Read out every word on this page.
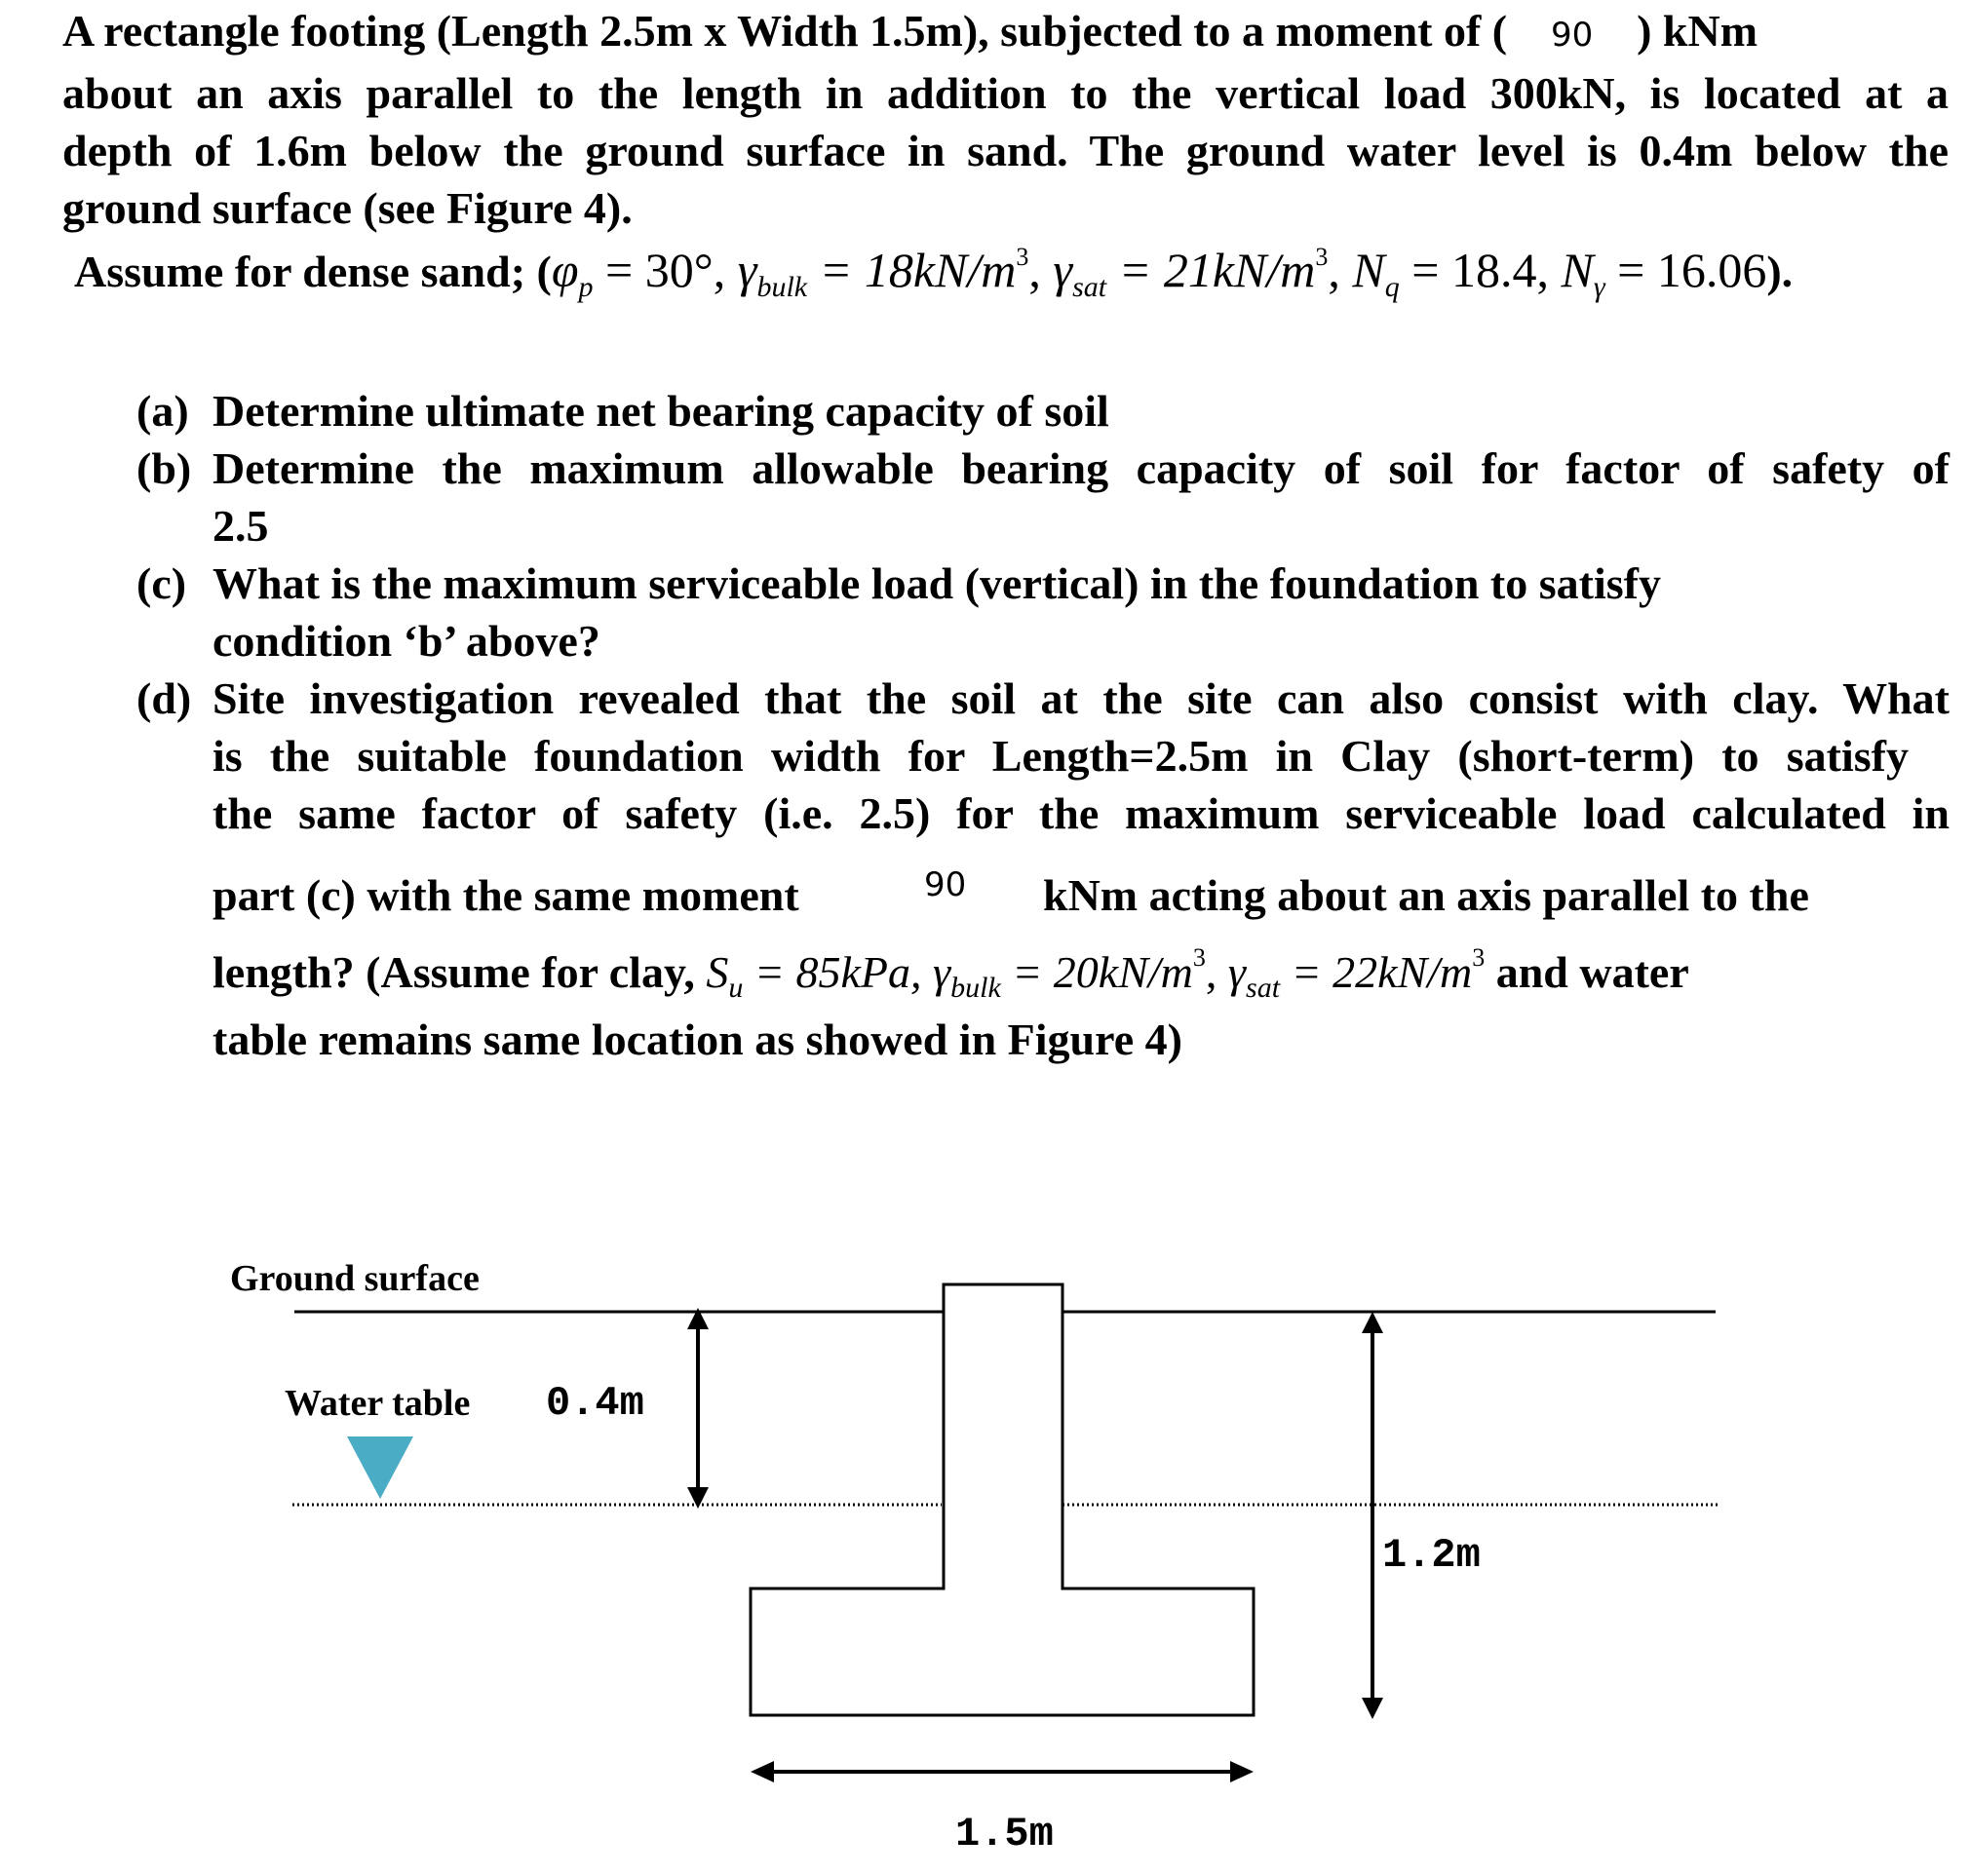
A rectangle footing (Length 2.5m x Width 1.5m), subjected to a moment of ( 90 ) kNm
about an axis parallel to the length in addition to the vertical load 300kN, is located at a
depth of 1.6m below the ground surface in sand. The ground water level is 0.4m below the
ground surface (see Figure 4).
Assume for dense sand; ($\varphi_p = 30^\circ$, $\gamma_{bulk} = 18kN/m^3$, $\gamma_{sat} = 21kN/m^3$, $N_q = 18.4$, $N_\gamma = 16.06$).
(a) Determine ultimate net bearing capacity of soil
(b) Determine the maximum allowable bearing capacity of soil for factor of safety of
2.5
(c) What is the maximum serviceable load (vertical) in the foundation to satisfy
condition ‘b’ above?
(d) Site investigation revealed that the soil at the site can also consist with clay. What
is the suitable foundation width for Length=2.5m in Clay (short-term) to satisfy
the same factor of safety (i.e. 2.5) for the maximum serviceable load calculated in
part (c) with the same moment	90 kNm acting about an axis parallel to the
length? (Assume for clay, $S_u = 85kPa$, $\gamma_{bulk} = 20kN/m^3$, $\gamma_{sat} = 22kN/m^3$ and water
table remains same location as showed in Figure 4)
Ground surface
Water table 0.4m
1.2m
1.5m
